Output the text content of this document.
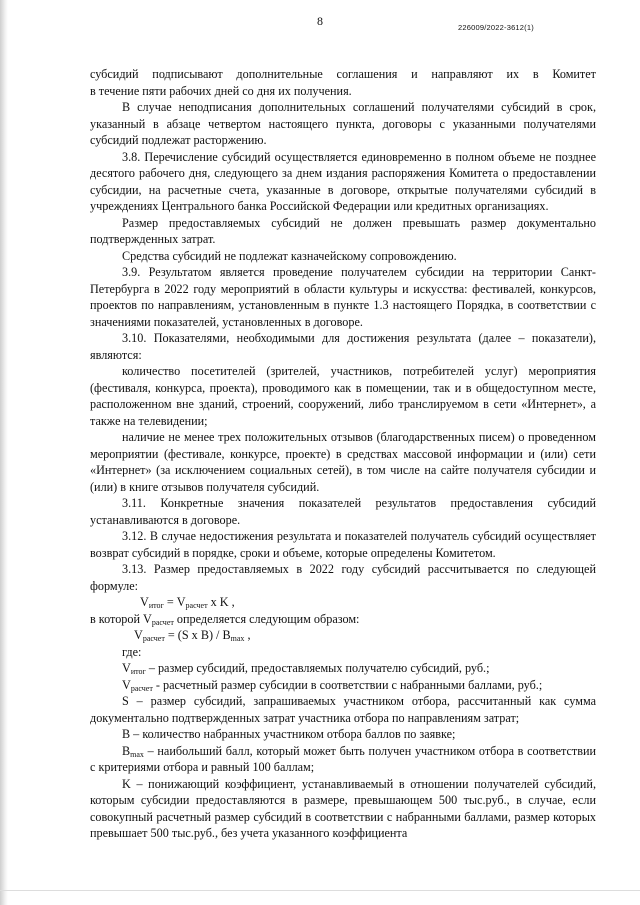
8	226009/2022-3612(1)

субсидий подписывают дополнительные соглашения и направляют их в Комитет

в течение пяти рабочих дней со дня их получения.

В случае неподписания дополнительных соглашений получателями субсидий в срок, указанный в абзаце четвертом настоящего пункта, договоры с указанными получателями субсидий подлежат расторжению.

3.8. Перечисление субсидий осуществляется единовременно в полном объеме не позднее десятого рабочего дня, следующего за днем издания распоряжения Комитета о предоставлении субсидии, на расчетные счета, указанные в договоре, открытые получателями субсидий в учреждениях Центрального банка Российской Федерации или кредитных организациях.

Размер предоставляемых субсидий не должен превышать размер документально подтвержденных затрат.

Средства субсидий не подлежат казначейскому сопровождению.

3.9. Результатом является проведение получателем субсидии на территории Санкт-Петербурга в 2022 году мероприятий в области культуры и искусства: фестивалей, конкурсов, проектов по направлениям, установленным в пункте 1.3 настоящего Порядка, в соответствии с значениями показателей, установленных в договоре.

3.10. Показателями, необходимыми для достижения результата (далее – показатели), являются:

количество посетителей (зрителей, участников, потребителей услуг) мероприятия (фестиваля, конкурса, проекта), проводимого как в помещении, так и в общедоступном месте, расположенном вне зданий, строений, сооружений, либо транслируемом в сети «Интернет», а также на телевидении;

наличие не менее трех положительных отзывов (благодарственных писем) о проведенном мероприятии (фестивале, конкурсе, проекте) в средствах массовой информации и (или) сети «Интернет» (за исключением социальных сетей), в том числе на сайте получателя субсидии и (или) в книге отзывов получателя субсидий.

3.11. Конкретные значения показателей результатов предоставления субсидий устанавливаются в договоре.

3.12. В случае недостижения результата и показателей получатель субсидий осуществляет возврат субсидий в порядке, сроки и объеме, которые определены Комитетом.

3.13. Размер предоставляемых в 2022 году субсидий рассчитывается по следующей формуле:

$V_{итог} = V_{расчет}$ x K ,

в которой $V_{расчет}$ определяется следующим образом:

$V_{расчет} = (S$ x $B) / B_{max}$ ,

где:

$V_{итог}$ – размер субсидий, предоставляемых получателю субсидий, руб.;

$V_{расчет}$ - расчетный размер субсидии в соответствии с набранными баллами, руб.;

S – размер субсидий, запрашиваемых участником отбора, рассчитанный как сумма документально подтвержденных затрат участника отбора по направлениям затрат;

B – количество набранных участником отбора баллов по заявке;

$B_{max}$ – наибольший балл, который может быть получен участником отбора в соответствии с критериями отбора и равный 100 баллам;

K – понижающий коэффициент, устанавливаемый в отношении получателей субсидий, которым субсидии предоставляются в размере, превышающем 500 тыс.руб., в случае, если совокупный расчетный размер субсидий в соответствии с набранными баллами, размер которых превышает 500 тыс.руб., без учета указанного коэффициента
